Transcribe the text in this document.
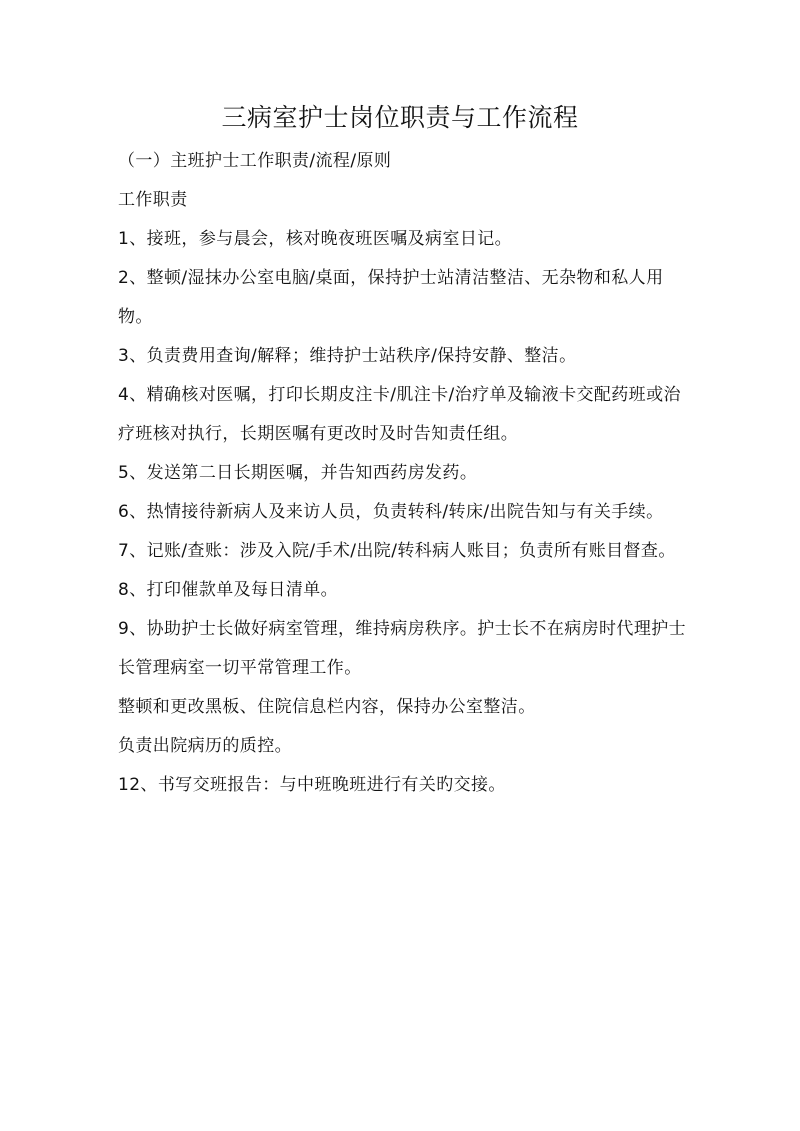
三病室护士岗位职责与工作流程
（一）主班护士工作职责/流程/原则
工作职责
1、接班，参与晨会，核对晚夜班医嘱及病室日记。
2、整顿/湿抹办公室电脑/桌面，保持护士站清洁整洁、无杂物和私人用物。
3、负责费用查询/解释；维持护士站秩序/保持安静、整洁。
4、精确核对医嘱，打印长期皮注卡/肌注卡/治疗单及输液卡交配药班或治疗班核对执行，长期医嘱有更改时及时告知责任组。
5、发送第二日长期医嘱，并告知西药房发药。
6、热情接待新病人及来访人员，负责转科/转床/出院告知与有关手续。
7、记账/查账：涉及入院/手术/出院/转科病人账目；负责所有账目督查。
8、打印催款单及每日清单。
9、协助护士长做好病室管理，维持病房秩序。护士长不在病房时代理护士长管理病室一切平常管理工作。
整顿和更改黑板、住院信息栏内容，保持办公室整洁。
负责出院病历的质控。
12、书写交班报告：与中班晚班进行有关旳交接。
